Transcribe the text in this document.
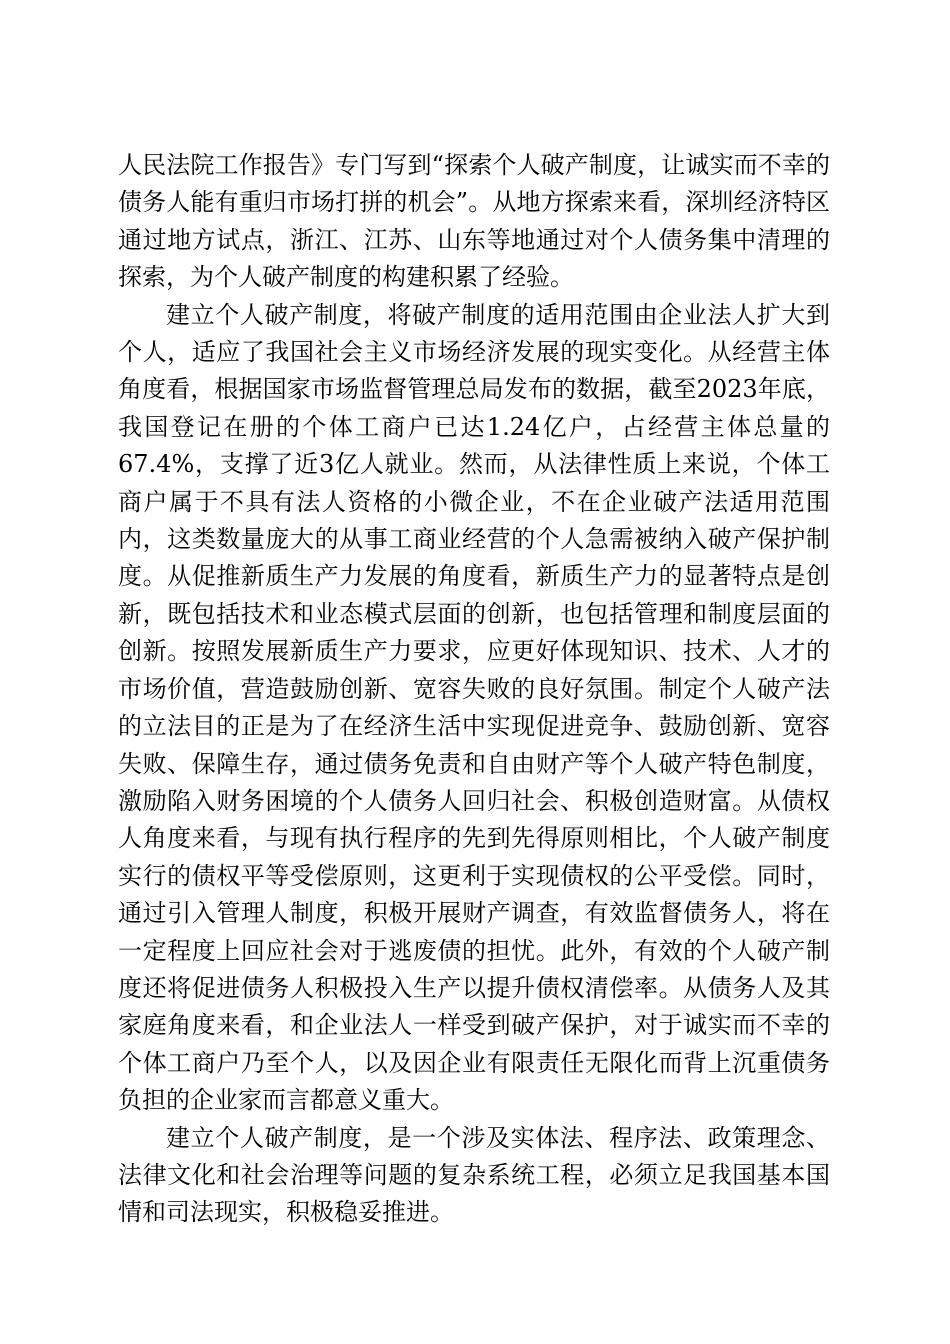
人民法院工作报告》专门写到“探索个人破产制度，让诚实而不幸的债务人能有重归市场打拼的机会”。从地方探索来看，深圳经济特区通过地方试点，浙江、江苏、山东等地通过对个人债务集中清理的探索，为个人破产制度的构建积累了经验。

建立个人破产制度，将破产制度的适用范围由企业法人扩大到个人，适应了我国社会主义市场经济发展的现实变化。从经营主体角度看，根据国家市场监督管理总局发布的数据，截至2023年底，我国登记在册的个体工商户已达1.24亿户，占经营主体总量的67.4%，支撑了近3亿人就业。然而，从法律性质上来说，个体工商户属于不具有法人资格的小微企业，不在企业破产法适用范围内，这类数量庞大的从事工商业经营的个人急需被纳入破产保护制度。从促推新质生产力发展的角度看，新质生产力的显著特点是创新，既包括技术和业态模式层面的创新，也包括管理和制度层面的创新。按照发展新质生产力要求，应更好体现知识、技术、人才的市场价值，营造鼓励创新、宽容失败的良好氛围。制定个人破产法的立法目的正是为了在经济生活中实现促进竞争、鼓励创新、宽容失败、保障生存，通过债务免责和自由财产等个人破产特色制度，激励陷入财务困境的个人债务人回归社会、积极创造财富。从债权人角度来看，与现有执行程序的先到先得原则相比，个人破产制度实行的债权平等受偿原则，这更利于实现债权的公平受偿。同时，通过引入管理人制度，积极开展财产调查，有效监督债务人，将在一定程度上回应社会对于逃废债的担忧。此外，有效的个人破产制度还将促进债务人积极投入生产以提升债权清偿率。从债务人及其家庭角度来看，和企业法人一样受到破产保护，对于诚实而不幸的个体工商户乃至个人，以及因企业有限责任无限化而背上沉重债务负担的企业家而言都意义重大。

建立个人破产制度，是一个涉及实体法、程序法、政策理念、法律文化和社会治理等问题的复杂系统工程，必须立足我国基本国情和司法现实，积极稳妥推进。
